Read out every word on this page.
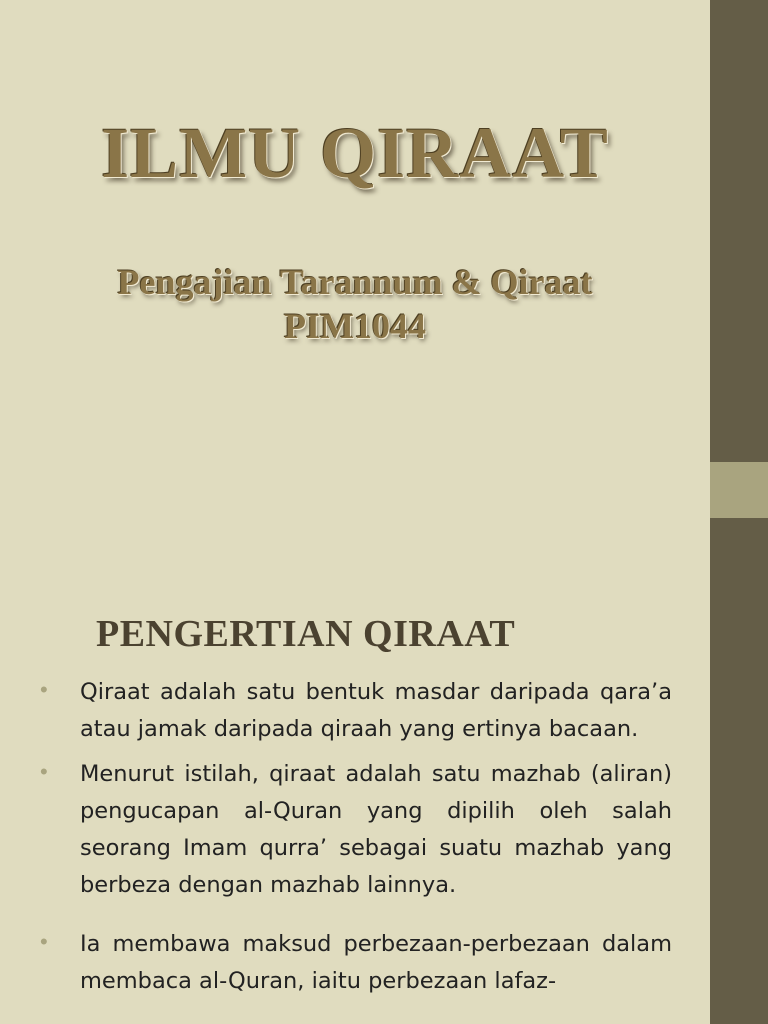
ILMU QIRAAT
Pengajian Tarannum & Qiraat
PIM1044
PENGERTIAN QIRAAT
• Qiraat adalah satu bentuk masdar daripada qara’a atau jamak daripada qiraah yang ertinya bacaan.
• Menurut istilah, qiraat adalah satu mazhab (aliran) pengucapan al-Quran yang dipilih oleh salah seorang Imam qurra’ sebagai suatu mazhab yang berbeza dengan mazhab lainnya.
• Ia membawa maksud perbezaan-perbezaan dalam membaca al-Quran, iaitu perbezaan lafaz-
